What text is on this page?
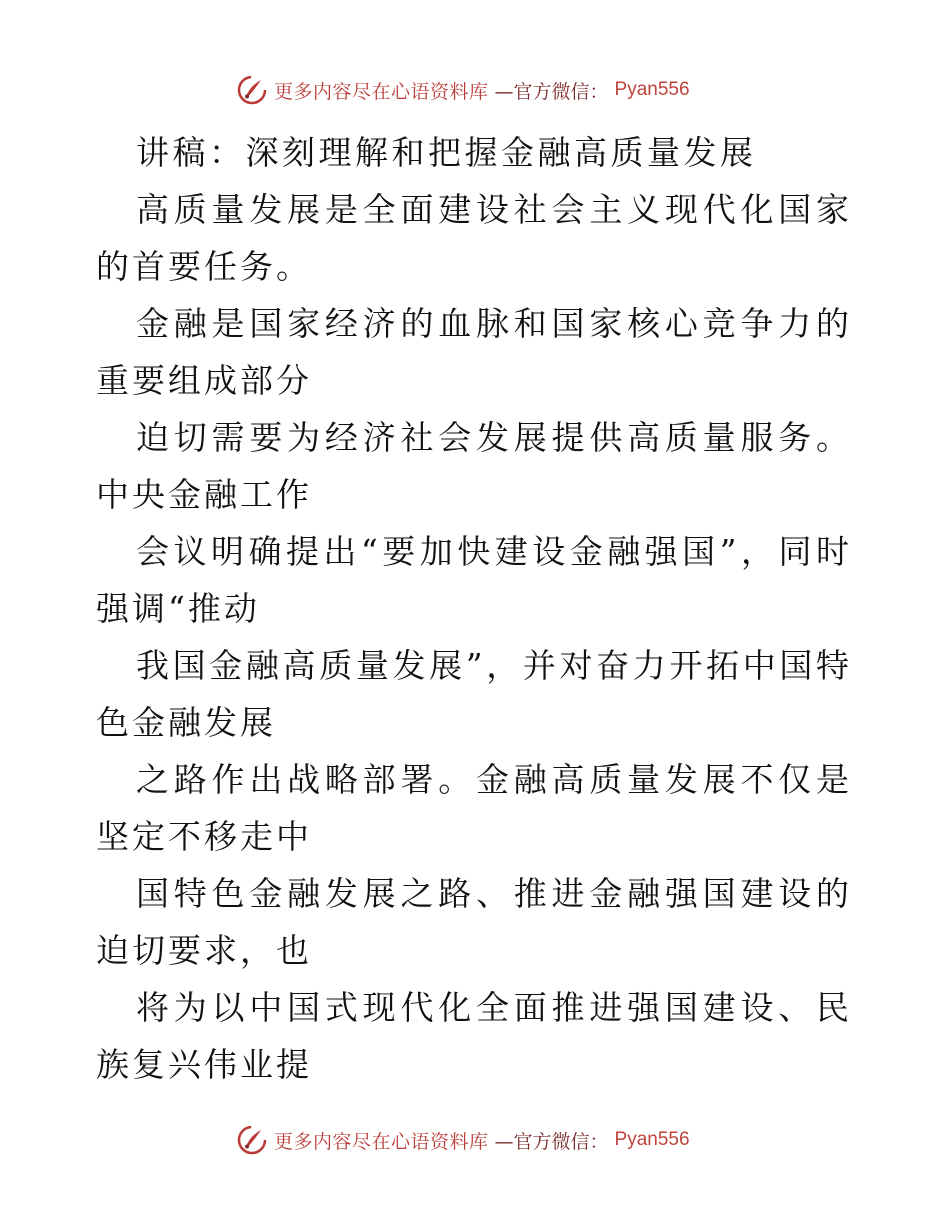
更多内容尽在心语资料库 —官方微信： Pyan556

讲稿：深刻理解和把握金融高质量发展

高质量发展是全面建设社会主义现代化国家的首要任务。

金融是国家经济的血脉和国家核心竞争力的重要组成部分

迫切需要为经济社会发展提供高质量服务。中央金融工作

会议明确提出“要加快建设金融强国”，同时强调“推动

我国金融高质量发展”，并对奋力开拓中国特色金融发展

之路作出战略部署。金融高质量发展不仅是坚定不移走中

国特色金融发展之路、推进金融强国建设的迫切要求，也

将为以中国式现代化全面推进强国建设、民族复兴伟业提

更多内容尽在心语资料库 —官方微信： Pyan556
